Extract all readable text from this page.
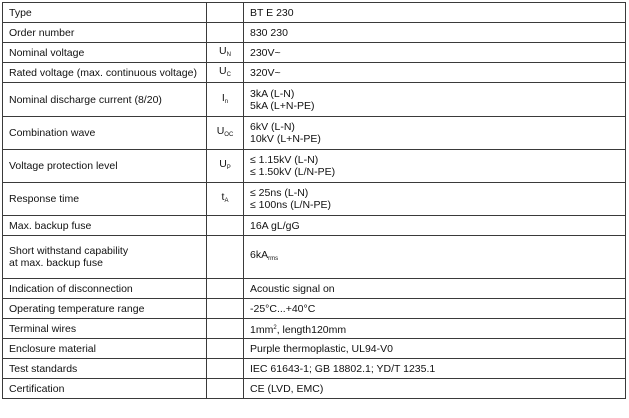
Type		BT E 230
Order number		830 230
Nominal voltage	$U_N$	230V~
Rated voltage (max. continuous voltage)	$U_C$	320V~
Nominal discharge current (8/20)	$I_n$	3kA (L-N)
5kA (L+N-PE)

Combination wave	$U_{OC}$	6kV (L-N)
10kV (L+N-PE)

Voltage protection level	$U_P$	≤ 1.15kV (L-N)
≤ 1.50kV (L/N-PE)

Response time	$t_A$	≤ 25ns (L-N)
≤ 100ns (L/N-PE)

Max. backup fuse		16A gL/gG

Short withstand capability
at max. backup fuse		$6kA_{rms}$
Indication of disconnection		Acoustic signal on
Operating temperature range		-25°C...+40°C
Terminal wires		$1mm^2$, length120mm
Enclosure material		Purple thermoplastic, UL94-V0
Test standards		IEC 61643-1; GB 18802.1; YD/T 1235.1
Certification		CE (LVD, EMC)
